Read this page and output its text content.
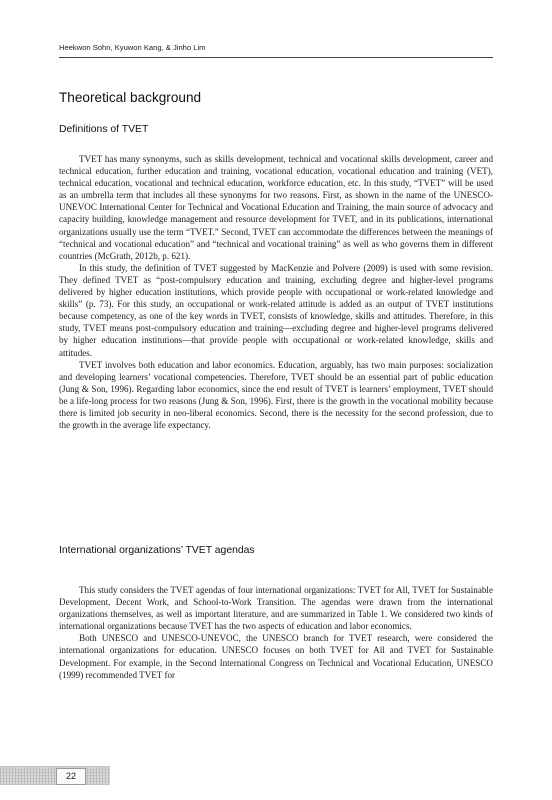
Heekwon Sohn, Kyuwon Kang, & Jinho Lim
Theoretical background
Definitions of TVET

TVET has many synonyms, such as skills development, technical and vocational skills development, career and technical education, further education and training, vocational education, vocational education and training (VET), technical education, vocational and technical education, workforce education, etc. In this study, “TVET” will be used as an umbrella term that includes all these synonyms for two reasons. First, as shown in the name of the UNESCO-UNEVOC International Center for Technical and Vocational Education and Training, the main source of advocacy and capacity building, knowledge management and resource development for TVET, and in its publications, international organizations usually use the term “TVET.” Second, TVET can accommodate the differences between the meanings of “technical and vocational education” and “technical and vocational training” as well as who governs them in different countries (McGrath, 2012b, p. 621).

In this study, the definition of TVET suggested by MacKenzie and Polvere (2009) is used with some revision. They defined TVET as “post-compulsory education and training, excluding degree and higher-level programs delivered by higher education institutions, which provide people with occupational or work-related knowledge and skills” (p. 73). For this study, an occupational or work-related attitude is added as an output of TVET institutions because competency, as one of the key words in TVET, consists of knowledge, skills and attitudes. Therefore, in this study, TVET means post-compulsory education and training—excluding degree and higher-level programs delivered by higher education institutions—that provide people with occupational or work-related knowledge, skills and attitudes.

TVET involves both education and labor economics. Education, arguably, has two main purposes: socialization and developing learners’ vocational competencies. Therefore, TVET should be an essential part of public education (Jung & Son, 1996). Regarding labor economics, since the end result of TVET is learners’ employment, TVET should be a life-long process for two reasons (Jung & Son, 1996). First, there is the growth in the vocational mobility because there is limited job security in neo-liberal economics. Second, there is the necessity for the second profession, due to the growth in the average life expectancy.

International organizations’ TVET agendas

This study considers the TVET agendas of four international organizations: TVET for All, TVET for Sustainable Development, Decent Work, and School-to-Work Transition. The agendas were drawn from the international organizations themselves, as well as important literature, and are summarized in Table 1. We considered two kinds of international organizations because TVET has the two aspects of education and labor economics.

Both UNESCO and UNESCO-UNEVOC, the UNESCO branch for TVET research, were considered the international organizations for education. UNESCO focuses on both TVET for All and TVET for Sustainable Development. For example, in the Second International Congress on Technical and Vocational Education, UNESCO (1999) recommended TVET for

22
